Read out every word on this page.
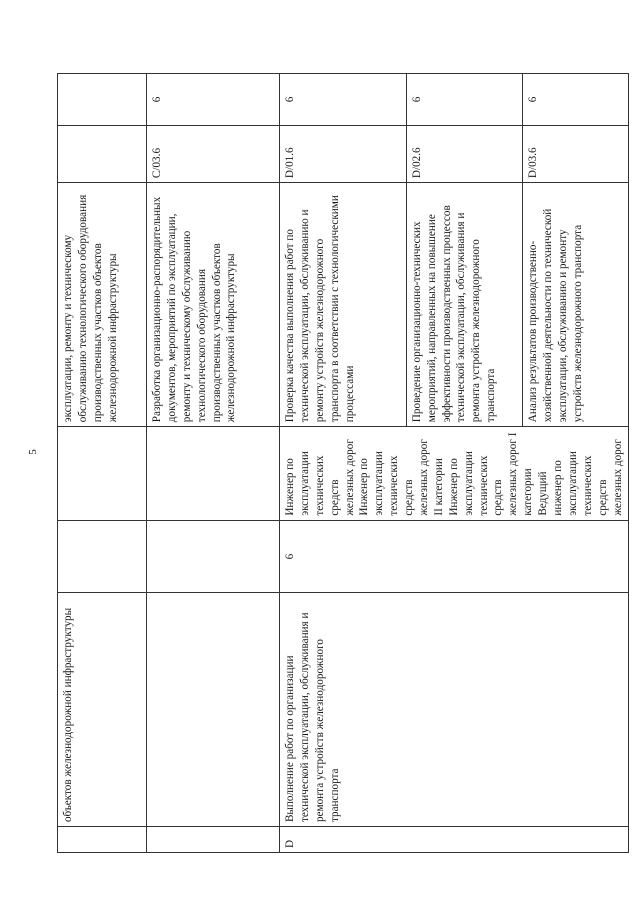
5
	объектов железнодорожной инфраструктуры			эксплуатации, ремонту и техническому обслуживанию технологического оборудования производственных участков объектов железнодорожной инфраструктуры		
				Разработка организационно-распорядительных документов, мероприятий по эксплуатации, ремонту и техническому обслуживанию технологического оборудования производственных участков объектов железнодорожной инфраструктуры	C/03.6	6
D	Выполнение работ по организации технической эксплуатации, обслуживания и ремонта устройств железнодорожного транспорта	6	Инженер по эксплуатации технических средств железных дорог Инженер по эксплуатации технических средств железных дорог II категории Инженер по эксплуатации технических средств железных дорог I категории Ведущий инженер по эксплуатации технических средств железных дорог	Проверка качества выполнения работ по технической эксплуатации, обслуживанию и ремонту устройств железнодорожного транспорта в соответствии с технологическими процессами	D/01.6	6
				Проведение организационно-технических мероприятий, направленных на повышение эффективности производственных процессов технической эксплуатации, обслуживания и ремонта устройств железнодорожного транспорта	D/02.6	6
				Анализ результатов производственно-хозяйственной деятельности по технической эксплуатации, обслуживанию и ремонту устройств железнодорожного транспорта	D/03.6	6
